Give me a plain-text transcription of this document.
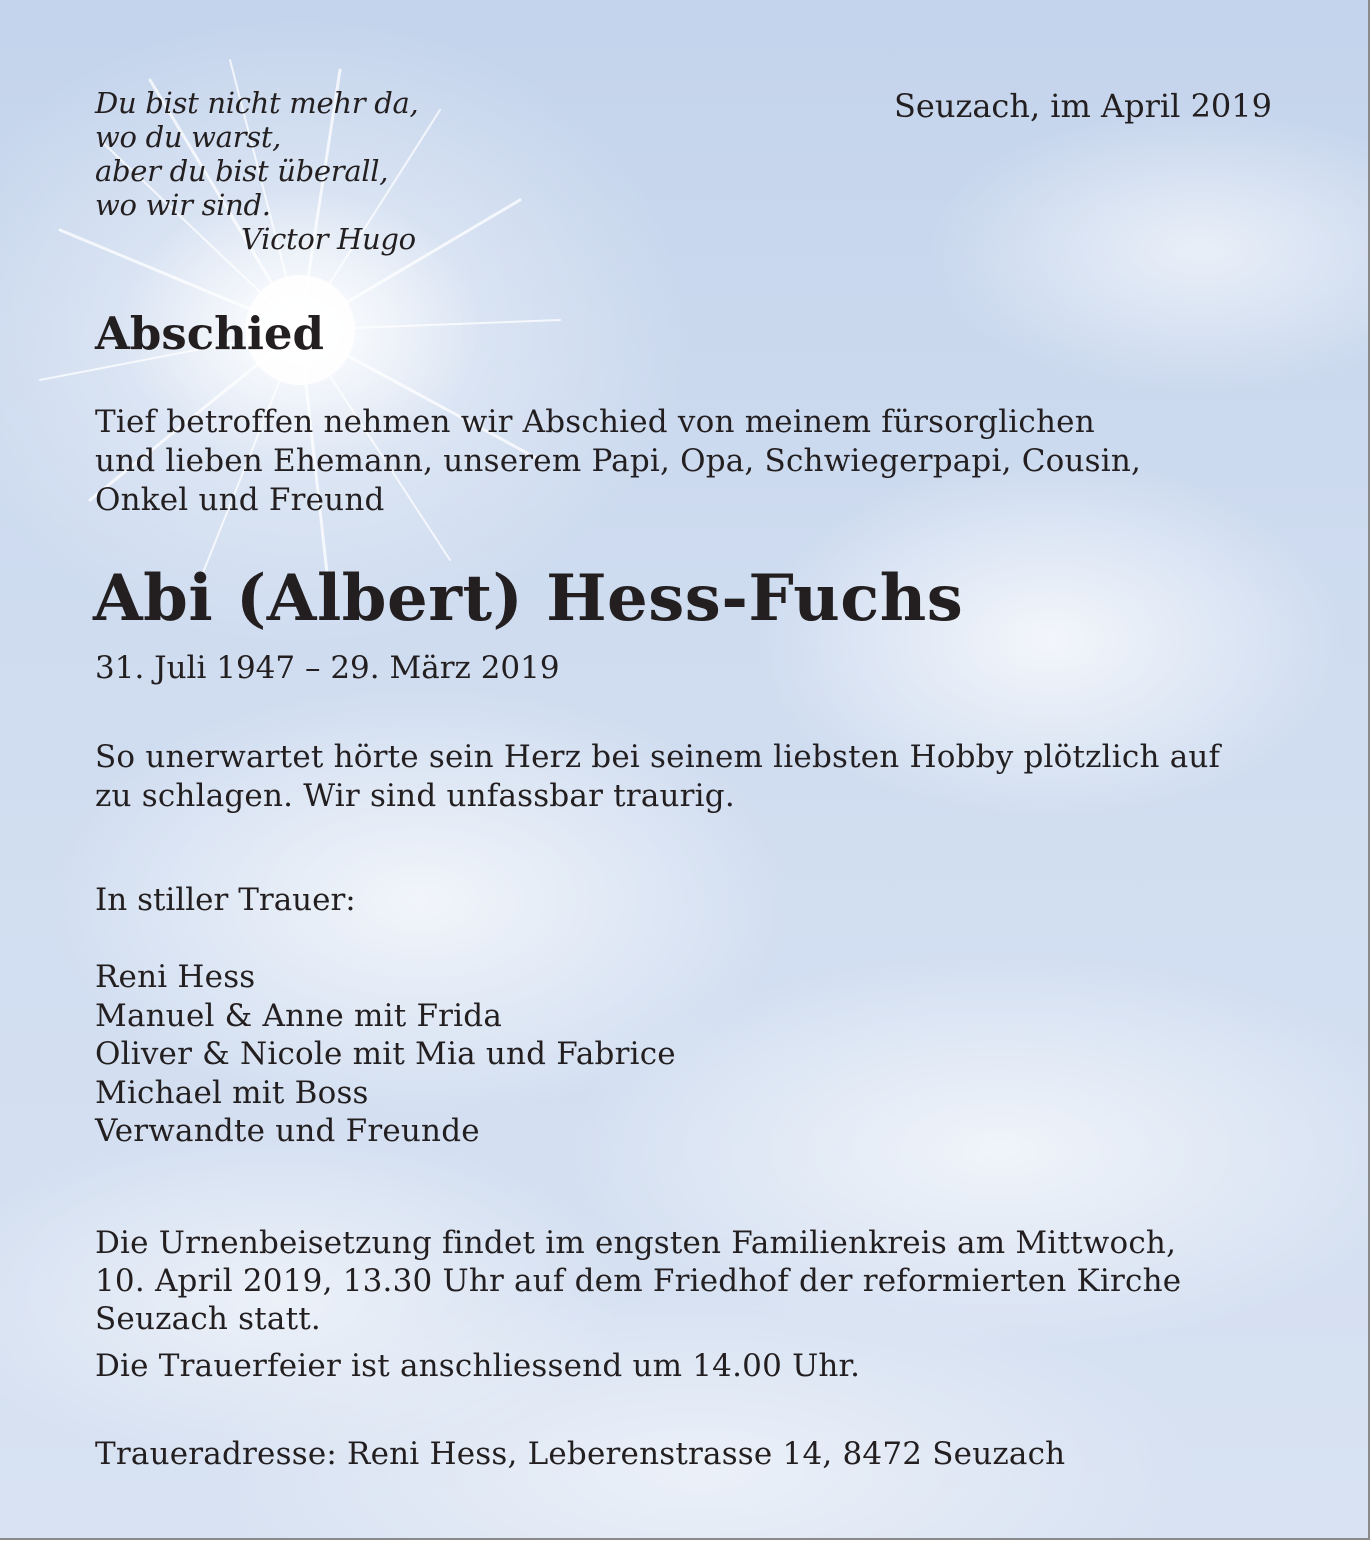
Du bist nicht mehr da,
wo du warst,
aber du bist überall,
wo wir sind.
Victor Hugo
Seuzach, im April 2019
Abschied
Tief betroffen nehmen wir Abschied von meinem fürsorglichen
und lieben Ehemann, unserem Papi, Opa, Schwiegerpapi, Cousin,
Onkel und Freund
Abi (Albert) Hess-Fuchs
31. Juli 1947 – 29. März 2019
So unerwartet hörte sein Herz bei seinem liebsten Hobby plötzlich auf
zu schlagen. Wir sind unfassbar traurig.
In stiller Trauer:
Reni Hess
Manuel & Anne mit Frida
Oliver & Nicole mit Mia und Fabrice
Michael mit Boss
Verwandte und Freunde
Die Urnenbeisetzung findet im engsten Familienkreis am Mittwoch,
10. April 2019, 13.30 Uhr auf dem Friedhof der reformierten Kirche
Seuzach statt.
Die Trauerfeier ist anschliessend um 14.00 Uhr.
Traueradresse: Reni Hess, Leberenstrasse 14, 8472 Seuzach
